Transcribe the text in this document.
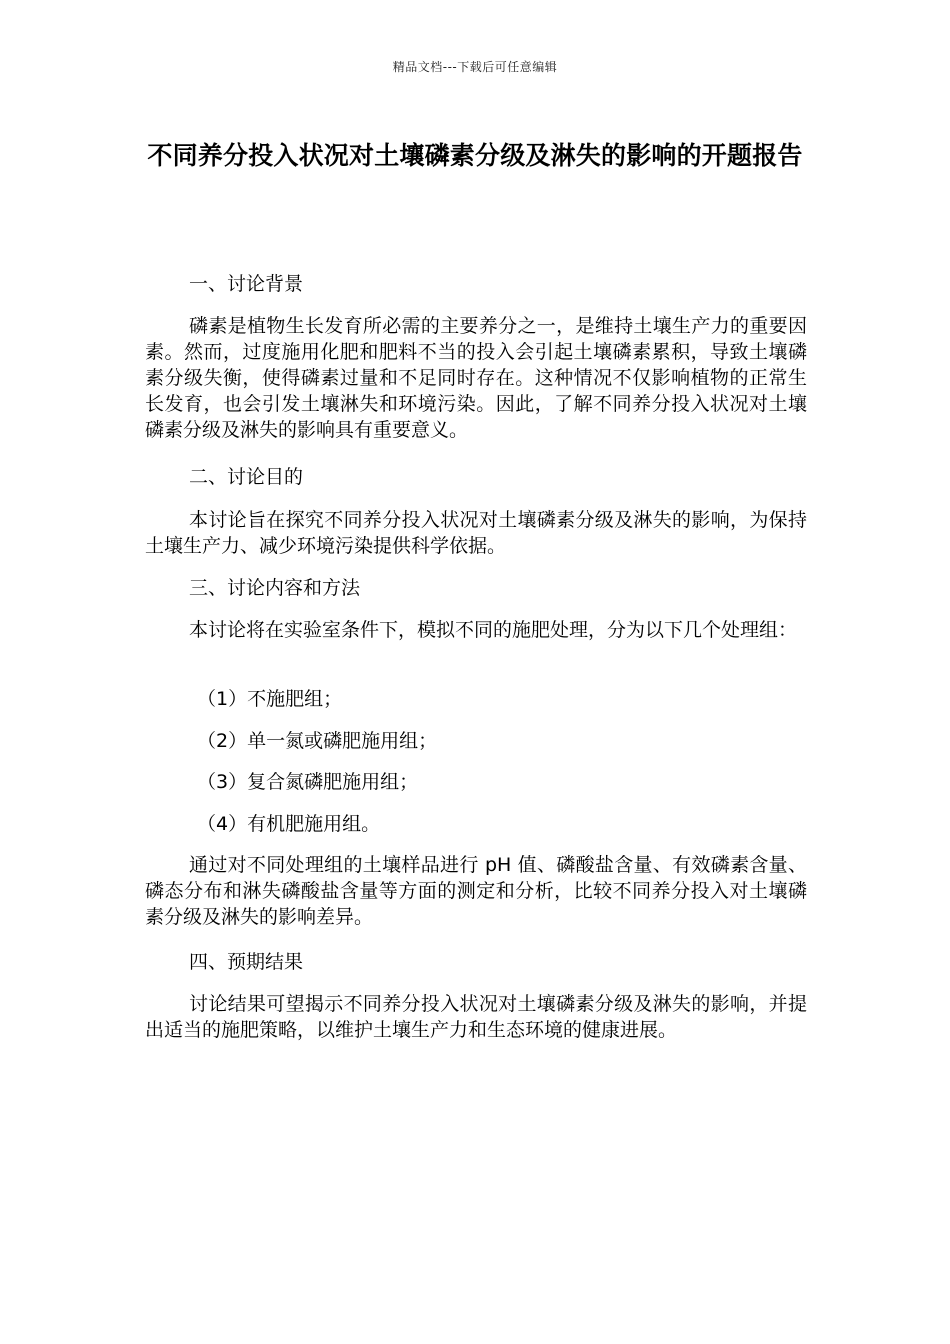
精品文档---下载后可任意编辑
不同养分投入状况对土壤磷素分级及淋失的影响的开题报告
一、讨论背景
磷素是植物生长发育所必需的主要养分之一，是维持土壤生产力的重要因素。然而，过度施用化肥和肥料不当的投入会引起土壤磷素累积，导致土壤磷素分级失衡，使得磷素过量和不足同时存在。这种情况不仅影响植物的正常生长发育，也会引发土壤淋失和环境污染。因此，了解不同养分投入状况对土壤磷素分级及淋失的影响具有重要意义。
二、讨论目的
本讨论旨在探究不同养分投入状况对土壤磷素分级及淋失的影响，为保持土壤生产力、减少环境污染提供科学依据。
三、讨论内容和方法
本讨论将在实验室条件下，模拟不同的施肥处理，分为以下几个处理组：
（1）不施肥组；
（2）单一氮或磷肥施用组；
（3）复合氮磷肥施用组；
（4）有机肥施用组。
通过对不同处理组的土壤样品进行 pH 值、磷酸盐含量、有效磷素含量、磷态分布和淋失磷酸盐含量等方面的测定和分析，比较不同养分投入对土壤磷素分级及淋失的影响差异。
四、预期结果
讨论结果可望揭示不同养分投入状况对土壤磷素分级及淋失的影响，并提出适当的施肥策略，以维护土壤生产力和生态环境的健康进展。
